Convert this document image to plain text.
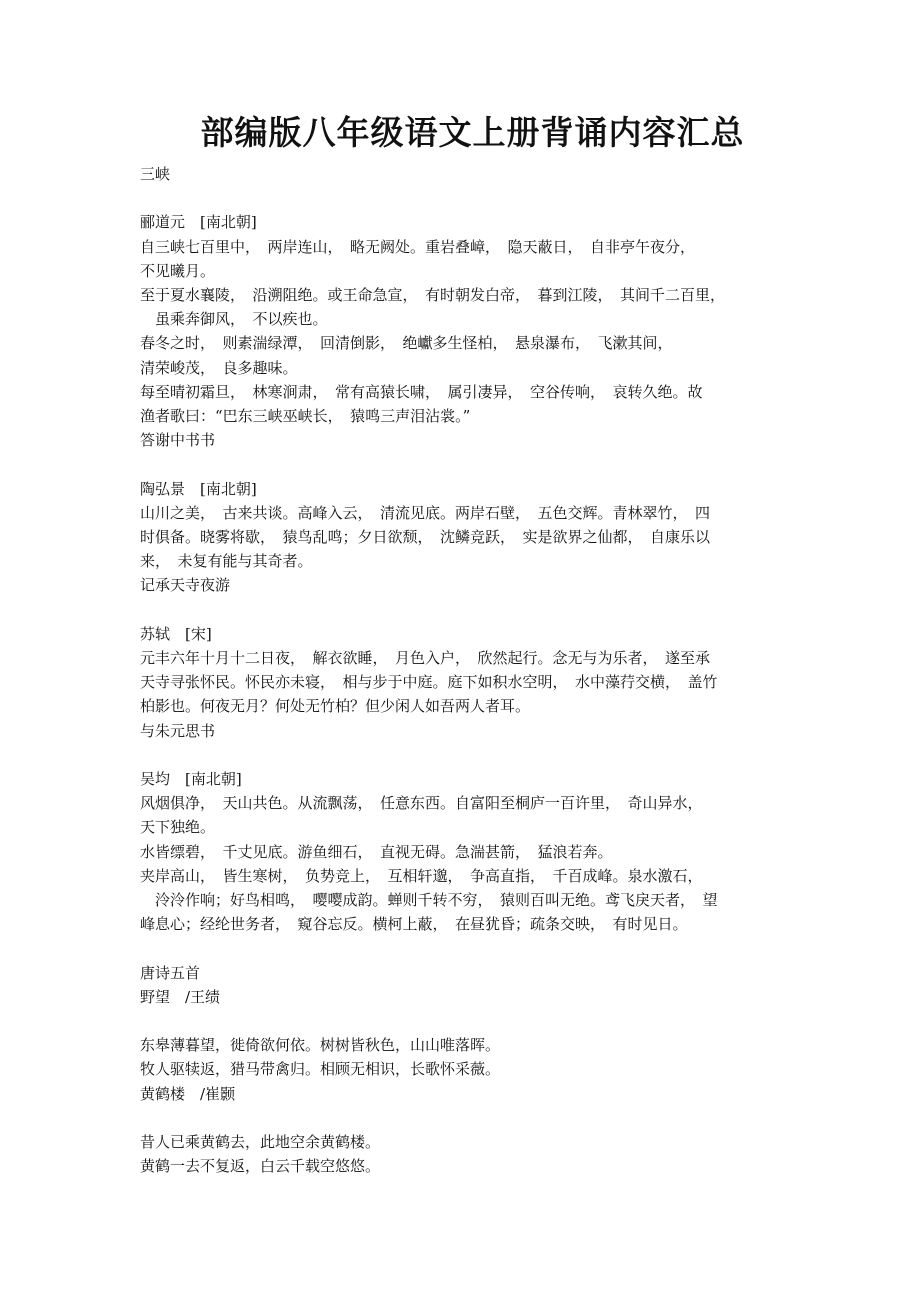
部编版八年级语文上册背诵内容汇总
三峡
郦道元　[南北朝]
自三峡七百里中，　两岸连山，　略无阙处。重岩叠嶂，　隐天蔽日，　自非亭午夜分，
不见曦月。
至于夏水襄陵，　沿溯阻绝。或王命急宣，　有时朝发白帝，　暮到江陵，　其间千二百里，
　虽乘奔御风，　不以疾也。
春冬之时，　则素湍绿潭，　回清倒影，　绝巘多生怪柏，　悬泉瀑布，　飞漱其间，
清荣峻茂，　良多趣味。
每至晴初霜旦，　林寒涧肃，　常有高猿长啸，　属引凄异，　空谷传响，　哀转久绝。故
渔者歌曰：“巴东三峡巫峡长，　猿鸣三声泪沾裳。”
答谢中书书
陶弘景　[南北朝]
山川之美，　古来共谈。高峰入云，　清流见底。两岸石壁，　五色交辉。青林翠竹，　四
时俱备。晓雾将歇，　猿鸟乱鸣；夕日欲颓，　沈鳞竞跃，　实是欲界之仙都，　自康乐以
来，　未复有能与其奇者。
记承天寺夜游
苏轼　[宋]
元丰六年十月十二日夜，　解衣欲睡，　月色入户，　欣然起行。念无与为乐者，　遂至承
天寺寻张怀民。怀民亦未寝，　相与步于中庭。庭下如积水空明，　水中藻荇交横，　盖竹
柏影也。何夜无月？何处无竹柏？但少闲人如吾两人者耳。
与朱元思书
吴均　[南北朝]
风烟俱净，　天山共色。从流飘荡，　任意东西。自富阳至桐庐一百许里，　奇山异水，
天下独绝。
水皆缥碧，　千丈见底。游鱼细石，　直视无碍。急湍甚箭，　猛浪若奔。
夹岸高山，　皆生寒树，　负势竞上，　互相轩邈，　争高直指，　千百成峰。泉水激石，
　泠泠作响；好鸟相鸣，　嘤嘤成韵。蝉则千转不穷，　猿则百叫无绝。鸢飞戾天者，　望
峰息心；经纶世务者，　窥谷忘反。横柯上蔽，　在昼犹昏；疏条交映，　有时见日。
唐诗五首
野望　/王绩
东皋薄暮望，徙倚欲何依。树树皆秋色，山山唯落晖。
牧人驱犊返，猎马带禽归。相顾无相识，长歌怀采薇。
黄鹤楼　/崔颢
昔人已乘黄鹤去，此地空余黄鹤楼。
黄鹤一去不复返，白云千载空悠悠。
